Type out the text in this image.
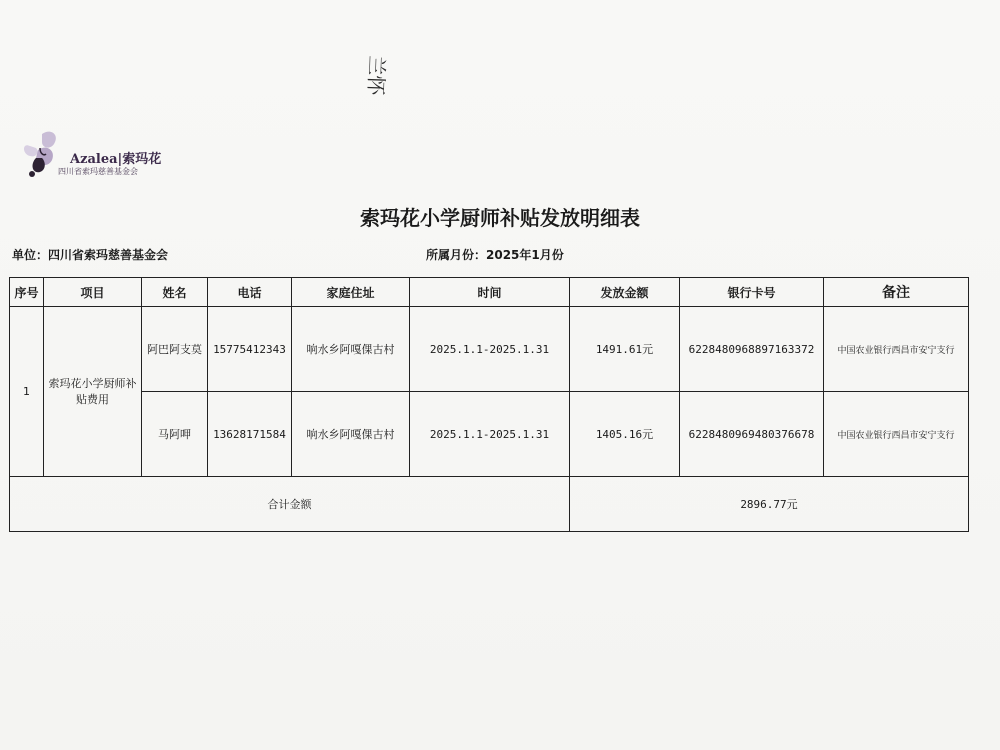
Azalea|索玛花
四川省索玛慈善基金会
兰怀
索玛花小学厨师补贴发放明细表
单位：四川省索玛慈善基金会	所属月份：2025年1月份
序号	项目	姓名	电话	家庭住址	时间	发放金额	银行卡号	备注
1	索玛花小学厨师补贴费用	阿巴阿支莫	15775412343	响水乡阿嘎倮古村	2025.1.1-2025.1.31	1491.61元	6228480968897163372	中国农业银行西昌市安宁支行
		马阿呷	13628171584	响水乡阿嘎倮古村	2025.1.1-2025.1.31	1405.16元	6228480969480376678	中国农业银行西昌市安宁支行
合计金额						2896.77元		
